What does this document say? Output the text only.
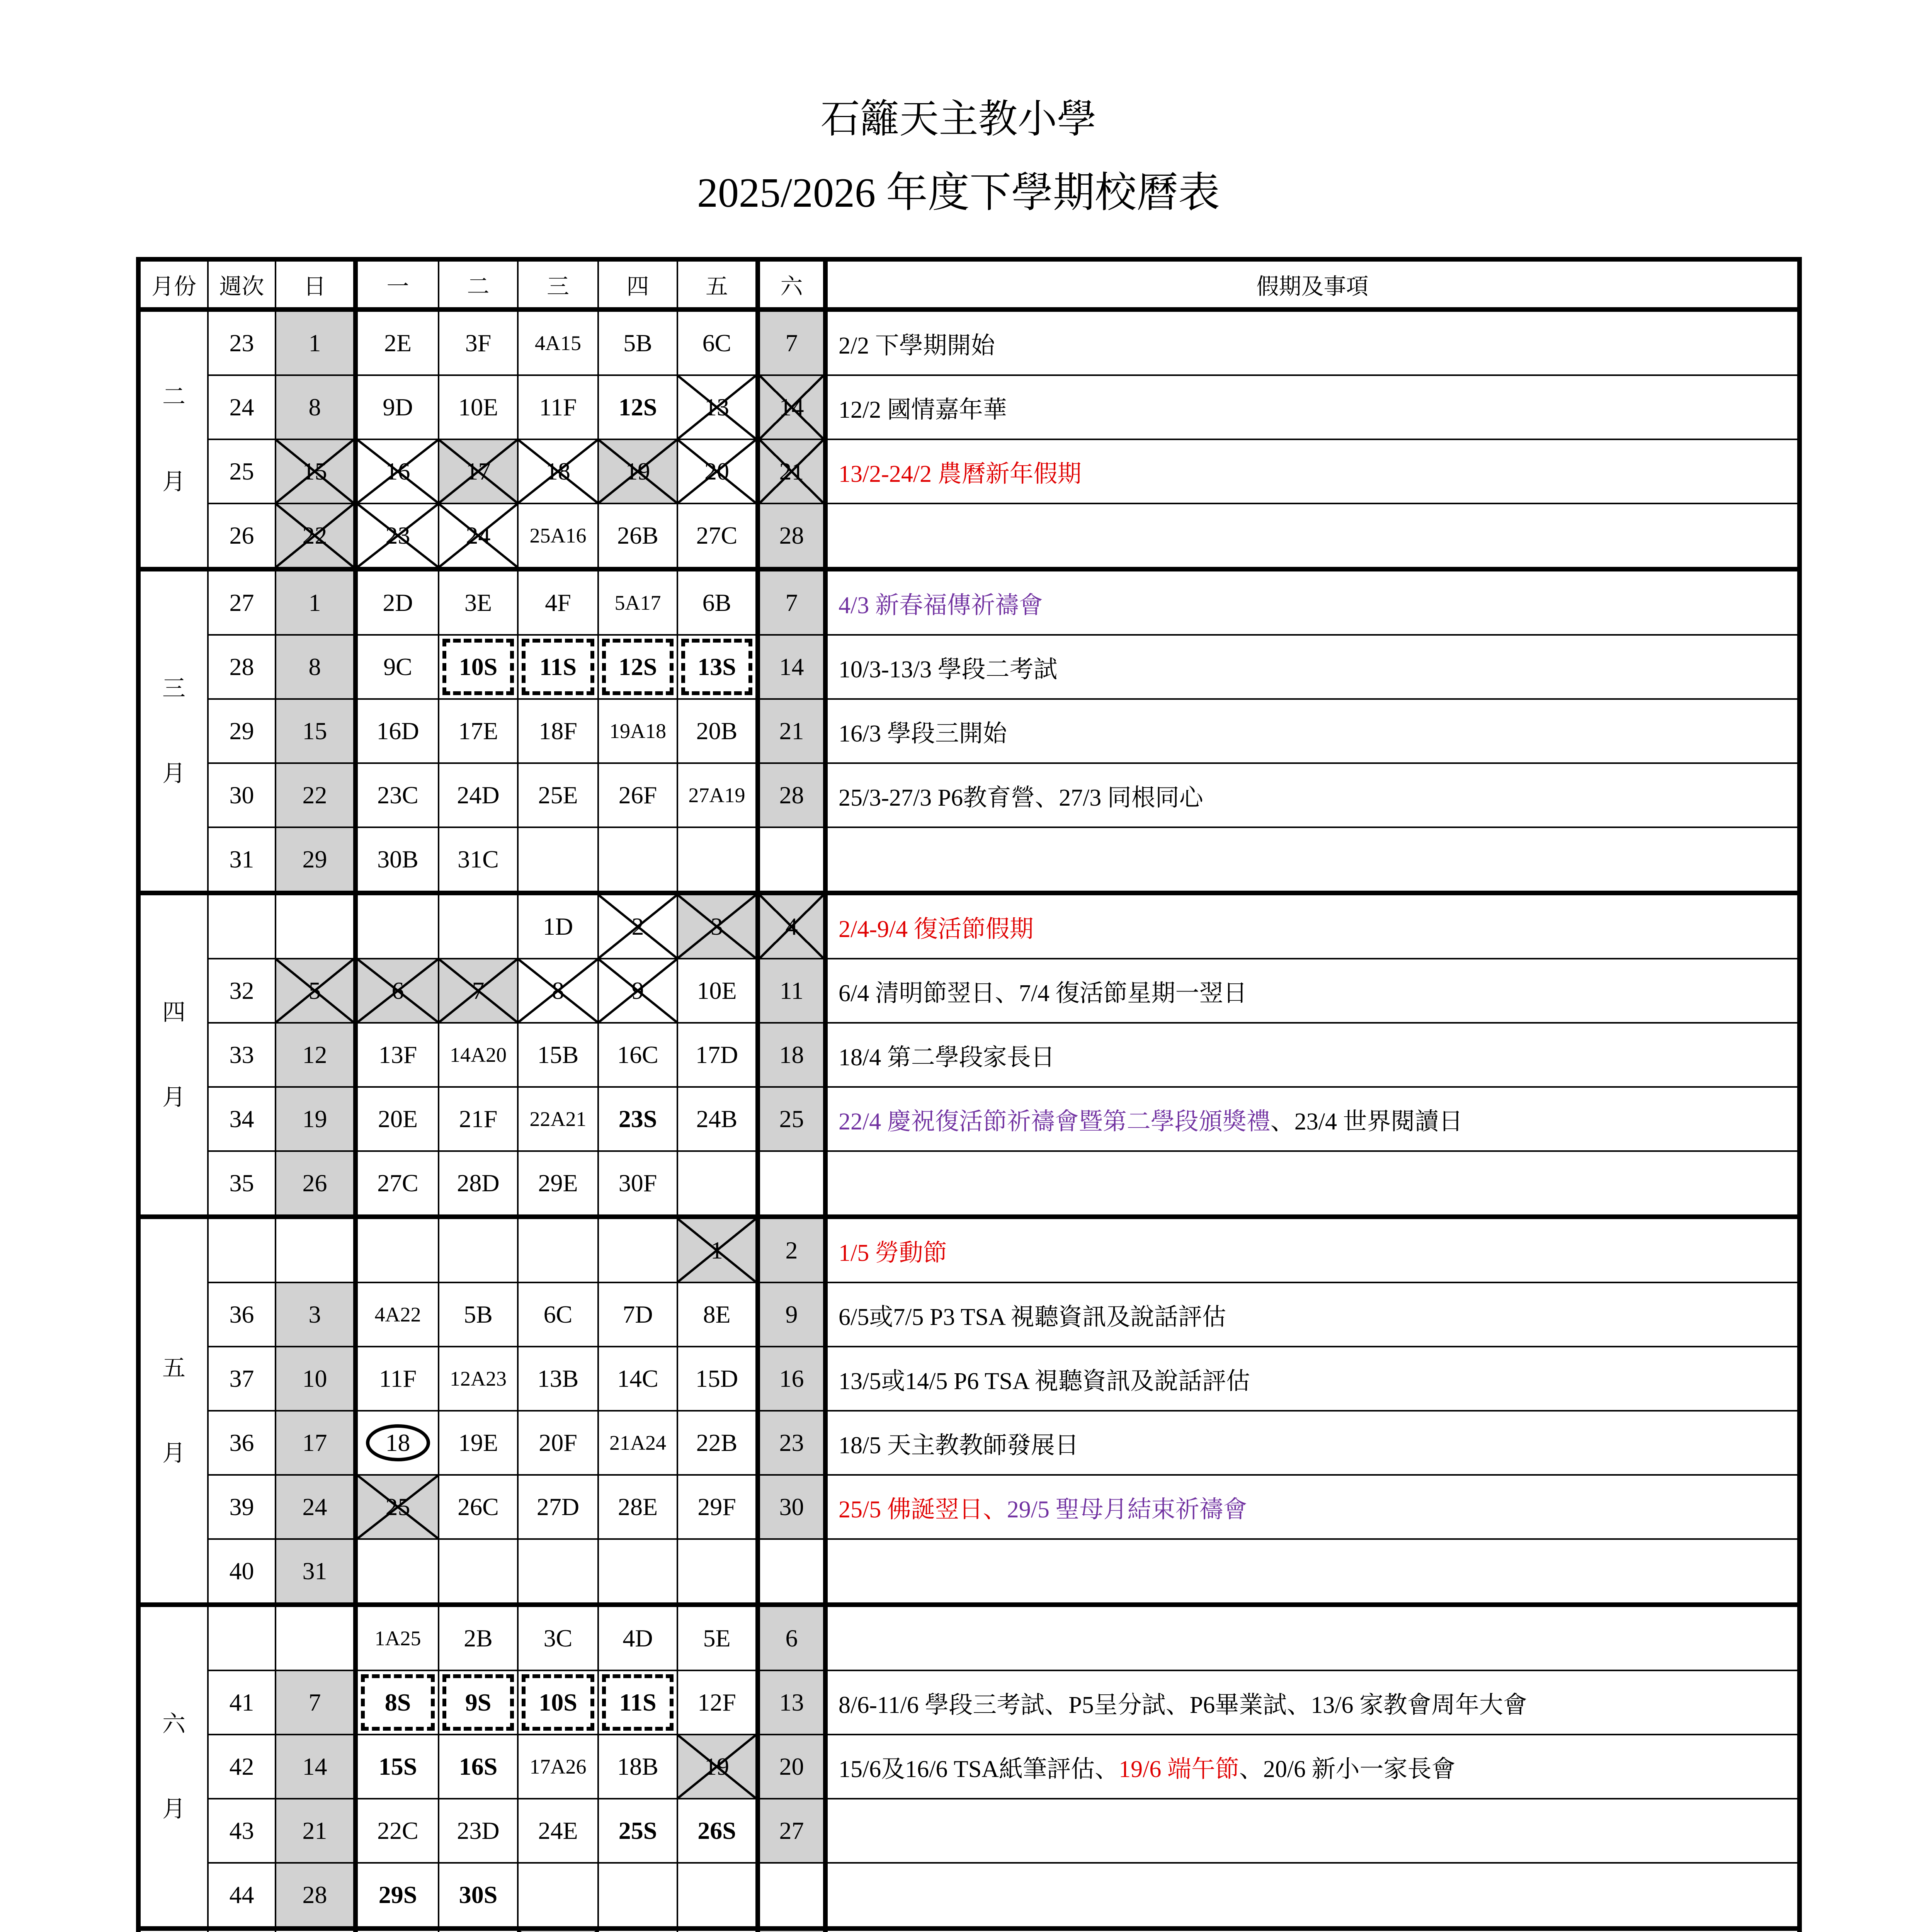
石籬天主教小學
2025/2026 年度下學期校曆表
月份	週次	日	一	二	三	四	五	六	假期及事項

二
月	23	1	2E	3F	4A15	5B	6C	7	2/2 下學期開始
	24	8	9D	10E	11F	12S	13	14	12/2 國情嘉年華
	25	15	16	17	18	19	20	21	13/2-24/2 農曆新年假期
	26	22	23	24	25A16	26B	27C	28	

三
月	27	1	2D	3E	4F	5A17	6B	7	4/3 新春福傳祈禱會
	28	8	9C	10S	11S	12S	13S	14	10/3-13/3 學段二考試
	29	15	16D	17E	18F	19A18	20B	21	16/3 學段三開始
	30	22	23C	24D	25E	26F	27A19	28	25/3-27/3 P6教育營、27/3 同根同心
	31	29	30B	31C					

四
月					1D	2	3	4	2/4-9/4 復活節假期
	32	5	6	7	8	9	10E	11	6/4 清明節翌日、7/4 復活節星期一翌日
	33	12	13F	14A20	15B	16C	17D	18	18/4 第二學段家長日
	34	19	20E	21F	22A21	23S	24B	25	22/4 慶祝復活節祈禱會暨第二學段頒獎禮、23/4 世界閱讀日
	35	26	27C	28D	29E	30F			

五
月							1	2	1/5 勞動節
	36	3	4A22	5B	6C	7D	8E	9	6/5或7/5 P3 TSA 視聽資訊及說話評估
	37	10	11F	12A23	13B	14C	15D	16	13/5或14/5 P6 TSA 視聽資訊及說話評估
	36	17	18	19E	20F	21A24	22B	23	18/5 天主教教師發展日
	39	24	25	26C	27D	28E	29F	30	25/5 佛誕翌日、29/5 聖母月結束祈禱會
	40	31							

六
月			1A25	2B	3C	4D	5E	6	
	41	7	8S	9S	10S	11S	12F	13	8/6-11/6 學段三考試、P5呈分試、P6畢業試、13/6 家教會周年大會
	42	14	15S	16S	17A26	18B	19	20	15/6及16/6 TSA紙筆評估、19/6 端午節、20/6 新小一家長會
	43	21	22C	23D	24E	25S	26S	27	
	44	28	29S	30S					
